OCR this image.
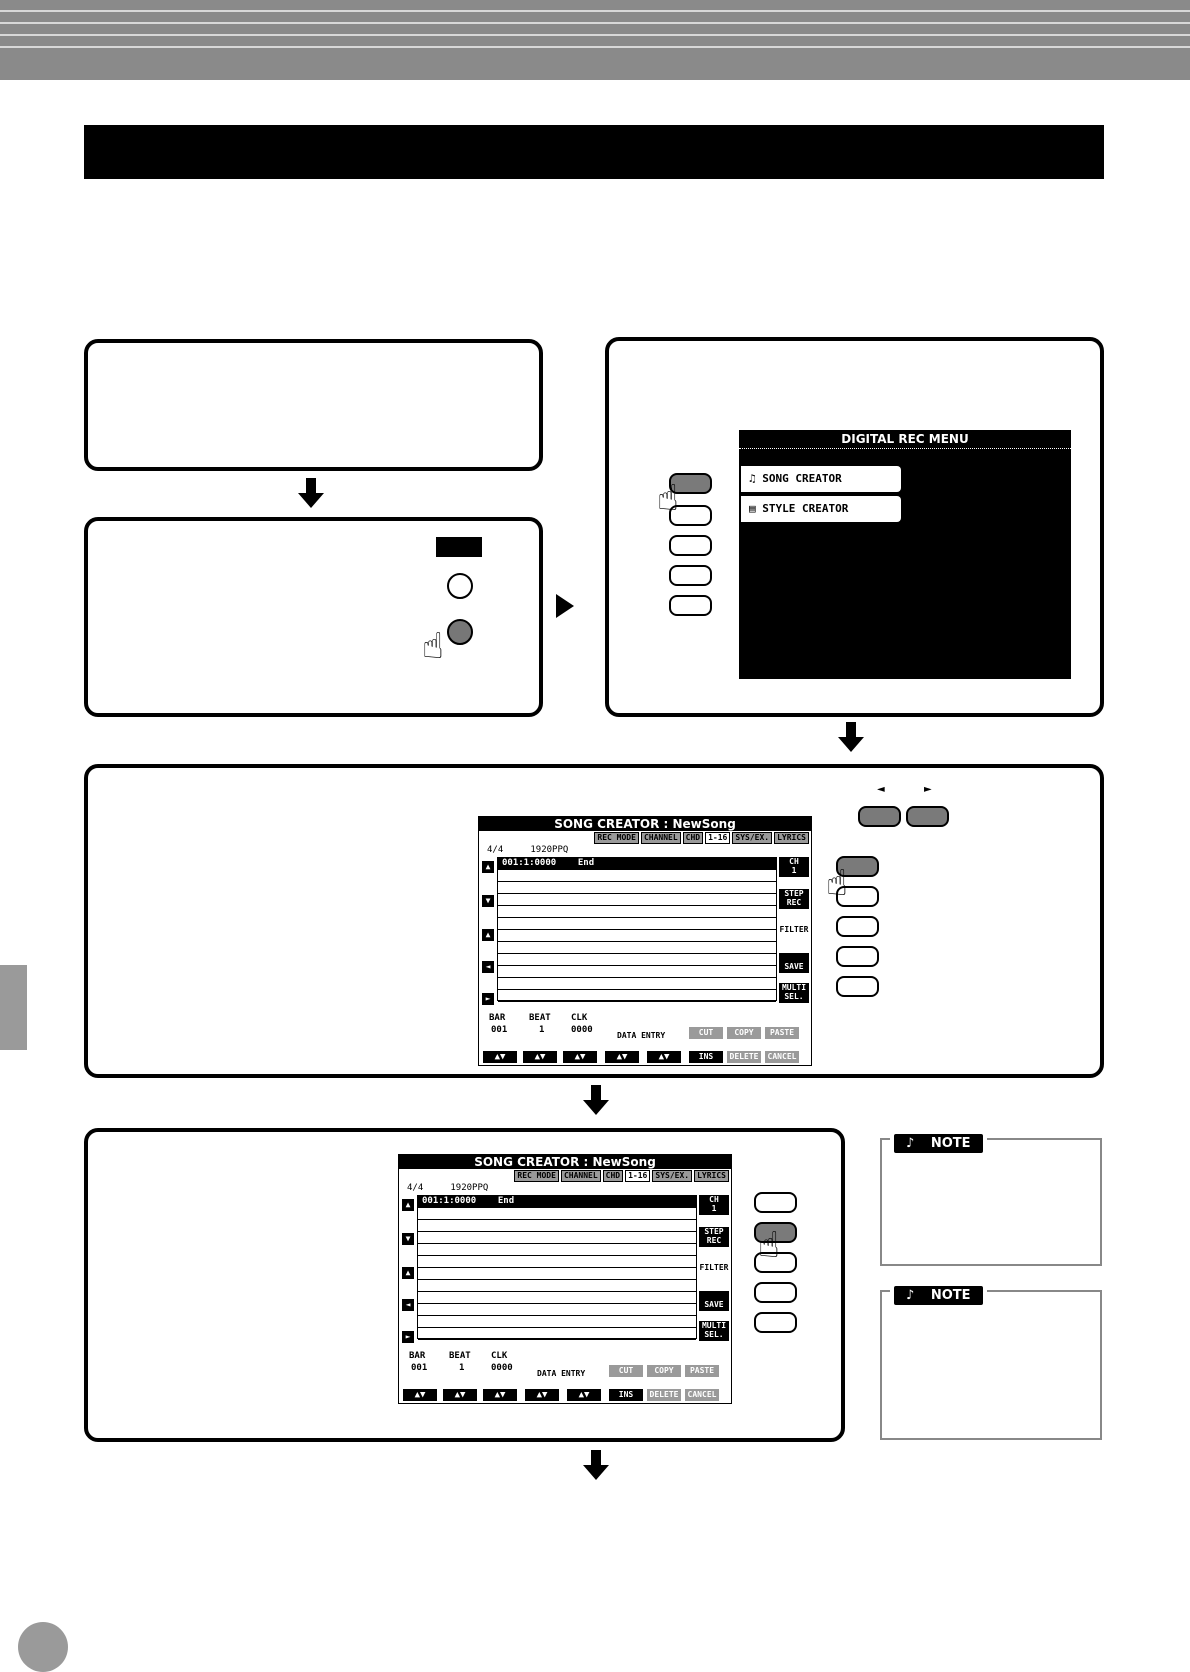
☝
☝
DIGITAL REC MENU
♫ SONG CREATOR
▤ STYLE CREATOR
◄	►
☝
SONG CREATOR : NewSong
REC MODE	CHANNEL	CHD	1-16	SYS/EX.	LYRICS
4/4	1920PPQ
001:1:0000 End
▲
▼
▲
◄
►
CH
1
STEP
REC
FILTER

SAVE
MULTI
SEL.
BAR	BEAT CLK
001	1	0000
DATA ENTRY	CUT	COPY	PASTE
▲▼	▲▼	▲▼	▲▼	▲▼	INS	DELETE	CANCEL
☝
SONG CREATOR : NewSong
REC MODE	CHANNEL	CHD	1-16	SYS/EX.	LYRICS
4/4	1920PPQ
001:1:0000 End
▲
▼
▲
◄
►
CH
1
STEP
REC
FILTER

SAVE
MULTI
SEL.
BAR	BEAT CLK
001	1	0000
DATA ENTRY	CUT	COPY	PASTE
▲▼	▲▼	▲▼	▲▼	▲▼	INS	DELETE	CANCEL
♪ NOTE
♪ NOTE
